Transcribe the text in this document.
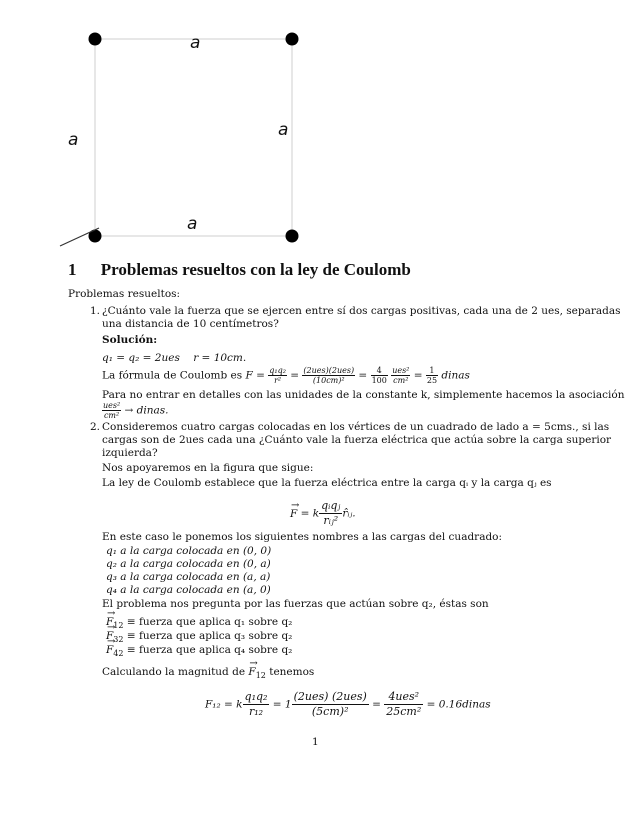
a
a	a
a
1 Problemas resueltos con la ley de Coulomb
Problemas resueltos:
1. ¿Cuánto vale la fuerza que se ejercen entre sí dos cargas positivas, cada una de 2 ues, separadas
una distancia de 10 centímetros?
Solución:
q₁ = q₂ = 2ues    r = 10cm.
La fórmula de Coulomb es $F = \frac{\text{q₁q₂}}{\text{r²}} = \frac{\text{(2ues)(2ues)}}{\text{(10cm)²}} = \frac{4}{100}$
$\frac{\text{ues²}}{\text{cm²}} = \frac{1}{25}$ dinas
Para no entrar en detalles con las unidades de la constante k, simplemente hacemos la asociación
$\frac{\text{ues²}}{\text{cm²}}$ → dinas.
2. Consideremos cuatro cargas colocadas en los vértices de un cuadrado de lado a = 5cms., si las
cargas son de 2ues cada una ¿Cuánto vale la fuerza eléctrica que actúa sobre la carga superior
izquierda?
Nos apoyaremos en la figura que sigue:
La ley de Coulomb establece que la fuerza eléctrica entre la carga qᵢ y la carga qⱼ es
→ F = k
qᵢqⱼ
rᵢⱼ²
r̂ᵢⱼ.
En este caso le ponemos los siguientes nombres a las cargas del cuadrado:
q₁ a la carga colocada en (0, 0)
q₂ a la carga colocada en (0, a)
q₃ a la carga colocada en (a, a)
q₄ a la carga colocada en (a, 0)
El problema nos pregunta por las fuerzas que actúan sobre q₂, éstas son
→ $F_{12}$ ≡ fuerza que aplica q₁ sobre q₂
→ $F_{32}$ ≡ fuerza que aplica q₃ sobre q₂
→ $F_{42}$ ≡ fuerza que aplica q₄ sobre q₂
Calculando la magnitud de → $F_{12}$ tenemos
F₁₂ = k $\frac{\text{q₁q₂}}{\text{r₁₂}} = 1$
(2ues) (2ues)
(5cm)²
=
4ues²
25cm²
= 0.16dinas
1
